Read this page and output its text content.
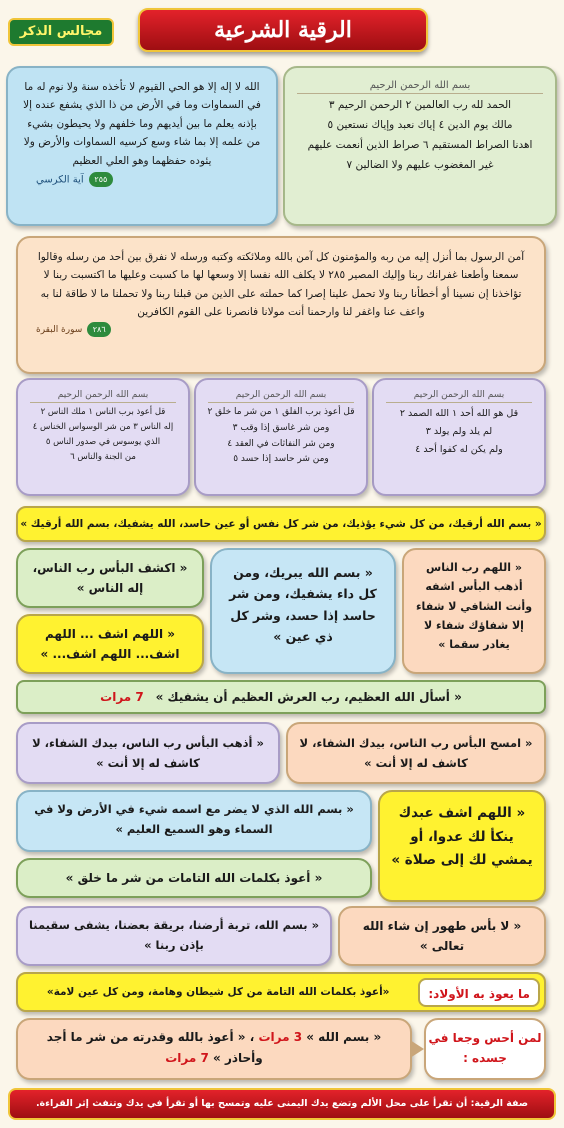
الرقية الشرعية
مجالس الذكر
بسم الله الرحمن الرحيم
الحمد لله رب العالمين ٢ الرحمن الرحيم ٣
مالك يوم الدين ٤ إياك نعبد وإياك نستعين ٥
اهدنا الصراط المستقيم ٦ صراط الذين أنعمت عليهم
غير المغضوب عليهم ولا الضالين ٧
الله لا إله إلا هو الحي القيوم لا تأخذه سنة ولا نوم له ما في السماوات وما في الأرض من ذا الذي يشفع عنده إلا بإذنه يعلم ما بين أيديهم وما خلفهم ولا يحيطون بشيء من علمه إلا بما شاء وسع كرسيه السماوات والأرض ولا يئوده حفظهما وهو العلي العظيم
٢٥٥ آية الكرسي
آمن الرسول بما أنزل إليه من ربه والمؤمنون كل آمن بالله وملائكته وكتبه ورسله لا نفرق بين أحد من رسله وقالوا سمعنا وأطعنا غفرانك ربنا وإليك المصير ٢٨٥ لا يكلف الله نفسا إلا وسعها لها ما كسبت وعليها ما اكتسبت ربنا لا تؤاخذنا إن نسينا أو أخطأنا ربنا ولا تحمل علينا إصرا كما حملته على الذين من قبلنا ربنا ولا تحملنا ما لا طاقة لنا به واعف عنا واغفر لنا وارحمنا أنت مولانا فانصرنا على القوم الكافرين
٢٨٦ سورة البقرة
بسم الله الرحمن الرحيم
قل هو الله أحد ١ الله الصمد ٢
لم يلد ولم يولد ٣
ولم يكن له كفوا أحد ٤
بسم الله الرحمن الرحيم
قل أعوذ برب الفلق ١ من شر ما خلق ٢
ومن شر غاسق إذا وقب ٣
ومن شر النفاثات في العقد ٤
ومن شر حاسد إذا حسد ٥
بسم الله الرحمن الرحيم
قل أعوذ برب الناس ١ ملك الناس ٢
إله الناس ٣ من شر الوسواس الخناس ٤
الذي يوسوس في صدور الناس ٥
من الجنة والناس ٦
« بسم الله أرقيك، من كل شيء يؤذيك، من شر كل نفس أو عين حاسد، الله يشفيك، بسم الله أرقيك »
« اللهم رب الناس أذهب البأس اشفه وأنت الشافي لا شفاء إلا شفاؤك شفاء لا يغادر سقما »
« بسم الله يبريك، ومن كل داء يشفيك، ومن شر حاسد إذا حسد، وشر كل ذي عين »
« اكشف البأس رب الناس، إله الناس »
« اللهم اشف ... اللهم اشف... اللهم اشف... »
« أسأل الله العظيم، رب العرش العظيم أن يشفيك » 7 مرات
« امسح البأس رب الناس، بيدك الشفاء، لا كاشف له إلا أنت »
« أذهب البأس رب الناس، بيدك الشفاء، لا كاشف له إلا أنت »
« اللهم اشف عبدك ينكأ لك عدوا، أو يمشي لك إلى صلاة »
« بسم الله الذي لا يضر مع اسمه شيء في الأرض ولا في السماء وهو السميع العليم »
« أعوذ بكلمات الله التامات من شر ما خلق »
« لا بأس طهور إن شاء الله تعالى »
« بسم الله، تربة أرضنا، بريقة بعضنا، يشفى سقيمنا بإذن ربنا »
ما يعوذ به الأولاد:
«أعوذ بكلمات الله التامة من كل شيطان وهامة، ومن كل عين لامة»
« بسم الله » 3 مرات ، « أعوذ بالله وقدرته من شر ما أجد وأحاذر » 7 مرات
لمن أحس وجعا في جسده :
صفة الرقية: أن تقرأ على محل الألم وتضع يدك اليمنى عليه وتمسح بها أو تقرأ في يدك وتنفث إثر القراءة.
